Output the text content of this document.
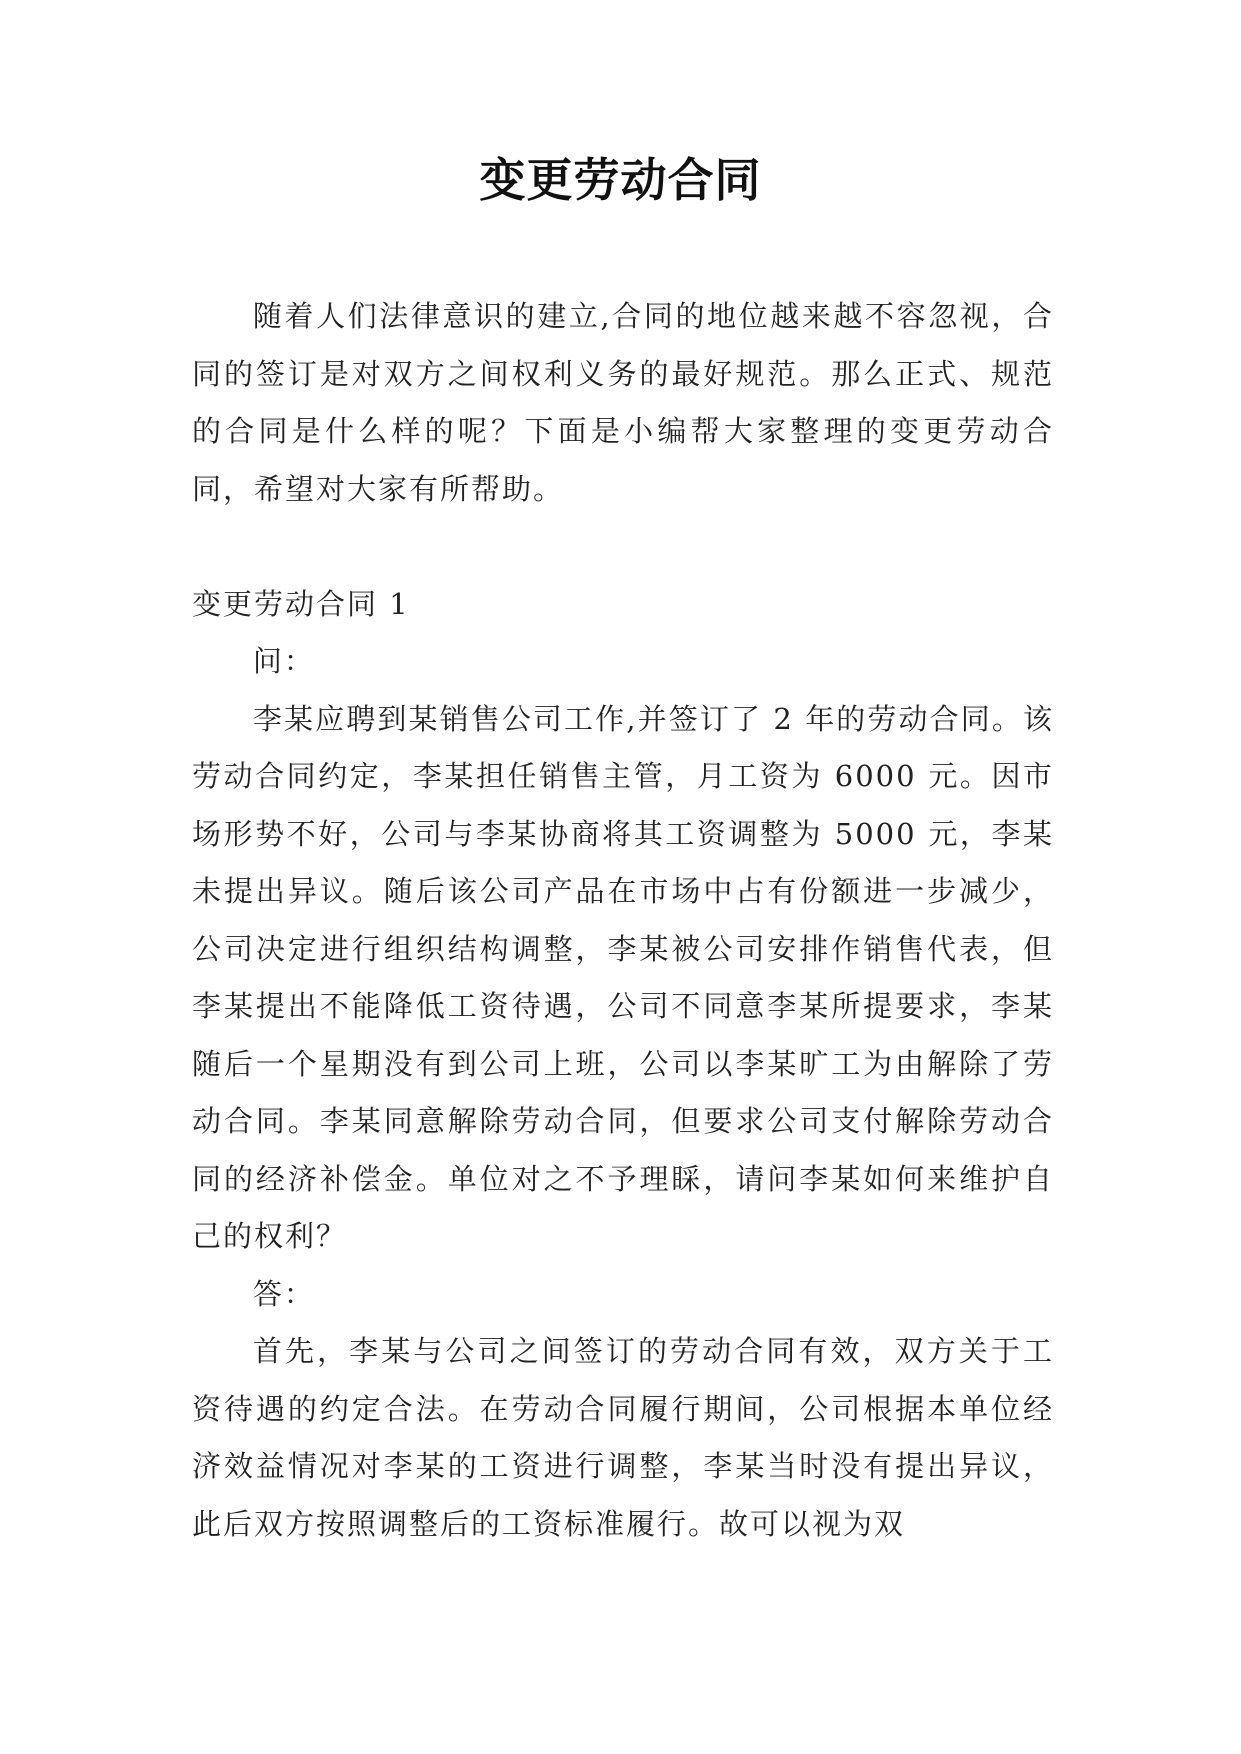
变更劳动合同

随着人们法律意识的建立,合同的地位越来越不容忽视，合同的签订是对双方之间权利义务的最好规范。那么正式、规范的合同是什么样的呢？下面是小编帮大家整理的变更劳动合同，希望对大家有所帮助。

变更劳动合同 1

问：

李某应聘到某销售公司工作,并签订了 2 年的劳动合同。该劳动合同约定，李某担任销售主管，月工资为 6000 元。因市场形势不好，公司与李某协商将其工资调整为 5000 元，李某未提出异议。随后该公司产品在市场中占有份额进一步减少，公司决定进行组织结构调整，李某被公司安排作销售代表，但李某提出不能降低工资待遇，公司不同意李某所提要求，李某随后一个星期没有到公司上班，公司以李某旷工为由解除了劳动合同。李某同意解除劳动合同，但要求公司支付解除劳动合同的经济补偿金。单位对之不予理睬，请问李某如何来维护自己的权利？

答：

首先，李某与公司之间签订的劳动合同有效，双方关于工资待遇的约定合法。在劳动合同履行期间，公司根据本单位经济效益情况对李某的工资进行调整，李某当时没有提出异议，此后双方按照调整后的工资标准履行。故可以视为双
